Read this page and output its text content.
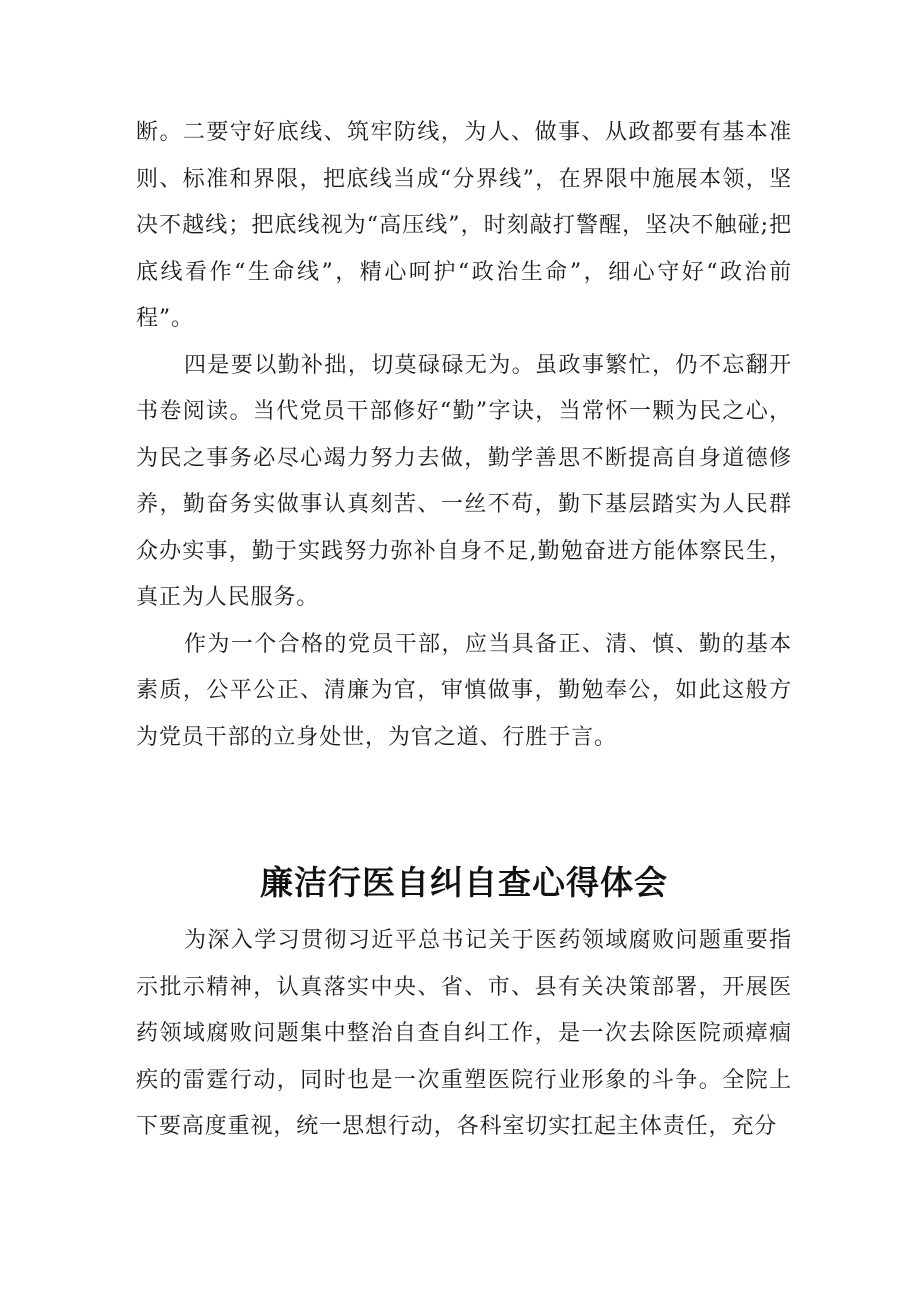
断。二要守好底线、筑牢防线，为人、做事、从政都要有基本准则、标准和界限，把底线当成“分界线”，在界限中施展本领，坚决不越线；把底线视为“高压线”，时刻敲打警醒，坚决不触碰;把底线看作“生命线”，精心呵护“政治生命”，细心守好“政治前程”。

四是要以勤补拙，切莫碌碌无为。虽政事繁忙，仍不忘翻开书卷阅读。当代党员干部修好“勤”字诀，当常怀一颗为民之心，为民之事务必尽心竭力努力去做，勤学善思不断提高自身道德修养，勤奋务实做事认真刻苦、一丝不苟，勤下基层踏实为人民群众办实事，勤于实践努力弥补自身不足,勤勉奋进方能体察民生，真正为人民服务。

作为一个合格的党员干部，应当具备正、清、慎、勤的基本素质，公平公正、清廉为官，审慎做事，勤勉奉公，如此这般方为党员干部的立身处世，为官之道、行胜于言。

廉洁行医自纠自查心得体会

为深入学习贯彻习近平总书记关于医药领域腐败问题重要指示批示精神，认真落实中央、省、市、县有关决策部署，开展医药领域腐败问题集中整治自查自纠工作，是一次去除医院顽瘴痼疾的雷霆行动，同时也是一次重塑医院行业形象的斗争。全院上下要高度重视，统一思想行动，各科室切实扛起主体责任，充分
